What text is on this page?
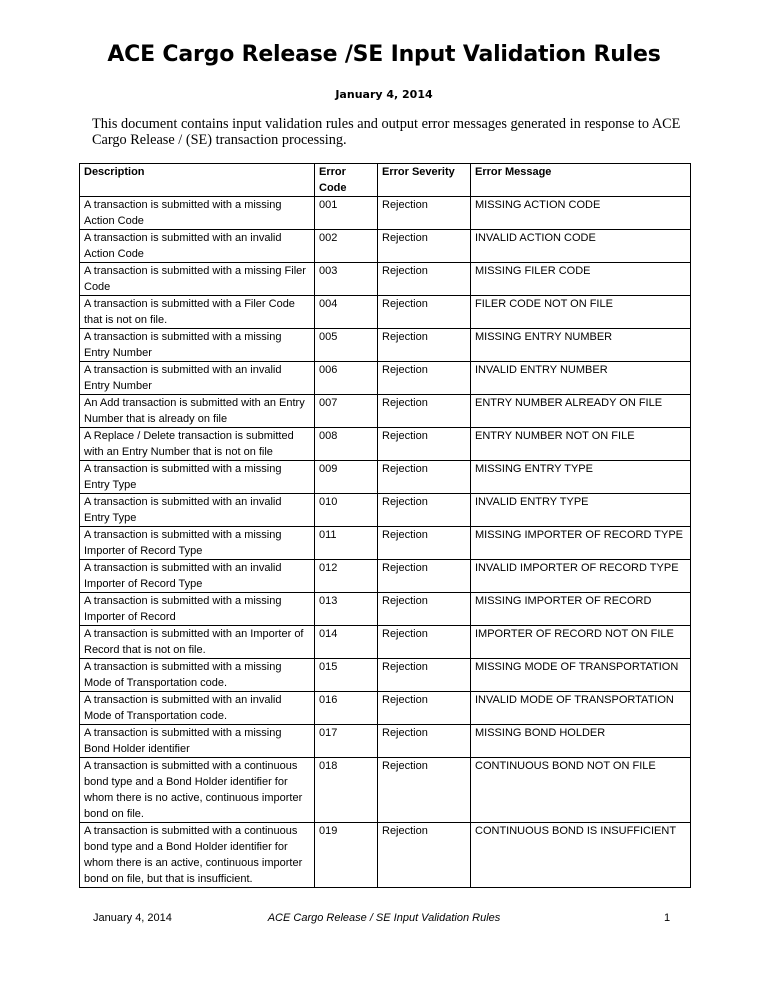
ACE Cargo Release /SE Input Validation Rules
January 4, 2014
This document contains input validation rules and output error messages generated in response to ACE Cargo Release / (SE) transaction processing.
Description	Error Code	Error Severity	Error Message
A transaction is submitted with a missing Action Code	001	Rejection	MISSING ACTION CODE
A transaction is submitted with an invalid Action Code	002	Rejection	INVALID ACTION CODE
A transaction is submitted with a missing Filer Code	003	Rejection	MISSING FILER CODE
A transaction is submitted with a Filer Code that is not on file.	004	Rejection	FILER CODE NOT ON FILE
A transaction is submitted with a missing Entry Number	005	Rejection	MISSING ENTRY NUMBER
A transaction is submitted with an invalid Entry Number	006	Rejection	INVALID ENTRY NUMBER
An Add transaction is submitted with an Entry Number that is already on file	007	Rejection	ENTRY NUMBER ALREADY ON FILE
A Replace / Delete transaction is submitted with an Entry Number that is not on file	008	Rejection	ENTRY NUMBER NOT ON FILE
A transaction is submitted with a missing Entry Type	009	Rejection	MISSING ENTRY TYPE
A transaction is submitted with an invalid Entry Type	010	Rejection	INVALID ENTRY TYPE
A transaction is submitted with a missing Importer of Record Type	011	Rejection	MISSING IMPORTER OF RECORD TYPE
A transaction is submitted with an invalid Importer of Record Type	012	Rejection	INVALID IMPORTER OF RECORD TYPE
A transaction is submitted with a missing Importer of Record	013	Rejection	MISSING IMPORTER OF RECORD
A transaction is submitted with an Importer of Record that is not on file.	014	Rejection	IMPORTER OF RECORD NOT ON FILE
A transaction is submitted with a missing Mode of Transportation code.	015	Rejection	MISSING MODE OF TRANSPORTATION
A transaction is submitted with an invalid Mode of Transportation code.	016	Rejection	INVALID MODE OF TRANSPORTATION
A transaction is submitted with a missing Bond Holder identifier	017	Rejection	MISSING BOND HOLDER
A transaction is submitted with a continuous bond type and a Bond Holder identifier for whom there is no active, continuous importer bond on file.	018	Rejection	CONTINUOUS BOND NOT ON FILE
A transaction is submitted with a continuous bond type and a Bond Holder identifier for whom there is an active, continuous importer bond on file, but that is insufficient.	019	Rejection	CONTINUOUS BOND IS INSUFFICIENT
January 4, 2014	ACE Cargo Release / SE Input Validation Rules	1
